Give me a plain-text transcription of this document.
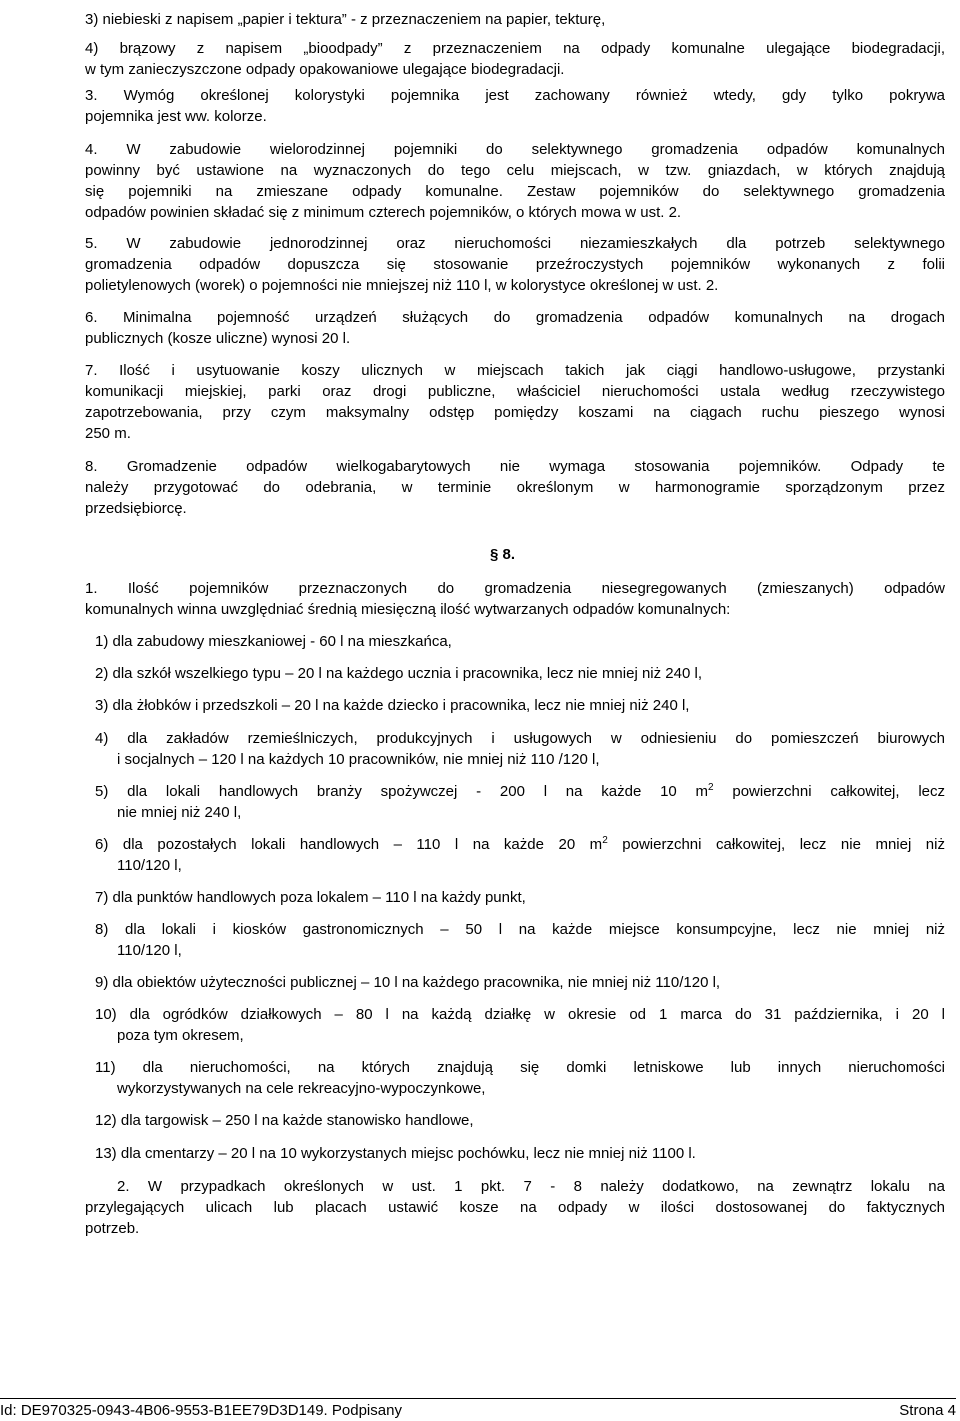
3) niebieski z napisem „papier i tektura” - z przeznaczeniem na papier, tekturę,
4) brązowy z napisem „bioodpady” z przeznaczeniem na odpady komunalne ulegające biodegradacji,
w tym zanieczyszczone odpady opakowaniowe ulegające biodegradacji.
3. Wymóg określonej kolorystyki pojemnika jest zachowany również wtedy, gdy tylko pokrywa
pojemnika jest ww. kolorze.
4. W zabudowie wielorodzinnej pojemniki do selektywnego gromadzenia odpadów komunalnych
powinny być ustawione na wyznaczonych do tego celu miejscach, w tzw. gniazdach, w których znajdują
się pojemniki na zmieszane odpady komunalne. Zestaw pojemników do selektywnego gromadzenia
odpadów powinien składać się z minimum czterech pojemników, o których mowa w ust. 2.
5. W zabudowie jednorodzinnej oraz nieruchomości niezamieszkałych dla potrzeb selektywnego
gromadzenia odpadów dopuszcza się stosowanie przeźroczystych pojemników wykonanych z folii
polietylenowych (worek) o pojemności nie mniejszej niż 110 l, w kolorystyce określonej w ust. 2.
6. Minimalna pojemność urządzeń służących do gromadzenia odpadów komunalnych na drogach
publicznych (kosze uliczne) wynosi 20 l.
7. Ilość i usytuowanie koszy ulicznych w miejscach takich jak ciągi handlowo-usługowe, przystanki
komunikacji miejskiej, parki oraz drogi publiczne, właściciel nieruchomości ustala według rzeczywistego
zapotrzebowania, przy czym maksymalny odstęp pomiędzy koszami na ciągach ruchu pieszego wynosi
250 m.
8. Gromadzenie odpadów wielkogabarytowych nie wymaga stosowania pojemników. Odpady te
należy przygotować do odebrania, w terminie określonym w harmonogramie sporządzonym przez
przedsiębiorcę.
§ 8.
1. Ilość pojemników przeznaczonych do gromadzenia niesegregowanych (zmieszanych) odpadów
komunalnych winna uwzględniać średnią miesięczną ilość wytwarzanych odpadów komunalnych:
1) dla zabudowy mieszkaniowej - 60 l na mieszkańca,
2) dla szkół wszelkiego typu – 20 l na każdego ucznia i pracownika, lecz nie mniej niż 240 l,
3) dla żłobków i przedszkoli – 20 l na każde dziecko i pracownika, lecz nie mniej niż 240 l,
4) dla zakładów rzemieślniczych, produkcyjnych i usługowych w odniesieniu do pomieszczeń biurowych
i socjalnych – 120 l na każdych 10 pracowników, nie mniej niż 110 /120 l,
5) dla lokali handlowych branży spożywczej - 200 l na każde 10 $m^2$ powierzchni całkowitej, lecz
nie mniej niż 240 l,
6) dla pozostałych lokali handlowych – 110 l na każde 20 $m^2$ powierzchni całkowitej, lecz nie mniej niż
110/120 l,
7) dla punktów handlowych poza lokalem – 110 l na każdy punkt,
8) dla lokali i kiosków gastronomicznych – 50 l na każde miejsce konsumpcyjne, lecz nie mniej niż
110/120 l,
9) dla obiektów użyteczności publicznej – 10 l na każdego pracownika, nie mniej niż 110/120 l,
10) dla ogródków działkowych – 80 l na każdą działkę w okresie od 1 marca do 31 października, i 20 l
poza tym okresem,
11) dla nieruchomości, na których znajdują się domki letniskowe lub innych nieruchomości
wykorzystywanych na cele rekreacyjno-wypoczynkowe,
12) dla targowisk – 250 l na każde stanowisko handlowe,
13) dla cmentarzy – 20 l na 10 wykorzystanych miejsc pochówku, lecz nie mniej niż 1100 l.
2. W przypadkach określonych w ust. 1 pkt. 7 - 8 należy dodatkowo, na zewnątrz lokalu na
przylegających ulicach lub placach ustawić kosze na odpady w ilości dostosowanej do faktycznych
potrzeb.
Id: DE970325-0943-4B06-9553-B1EE79D3D149. Podpisany	Strona 4
